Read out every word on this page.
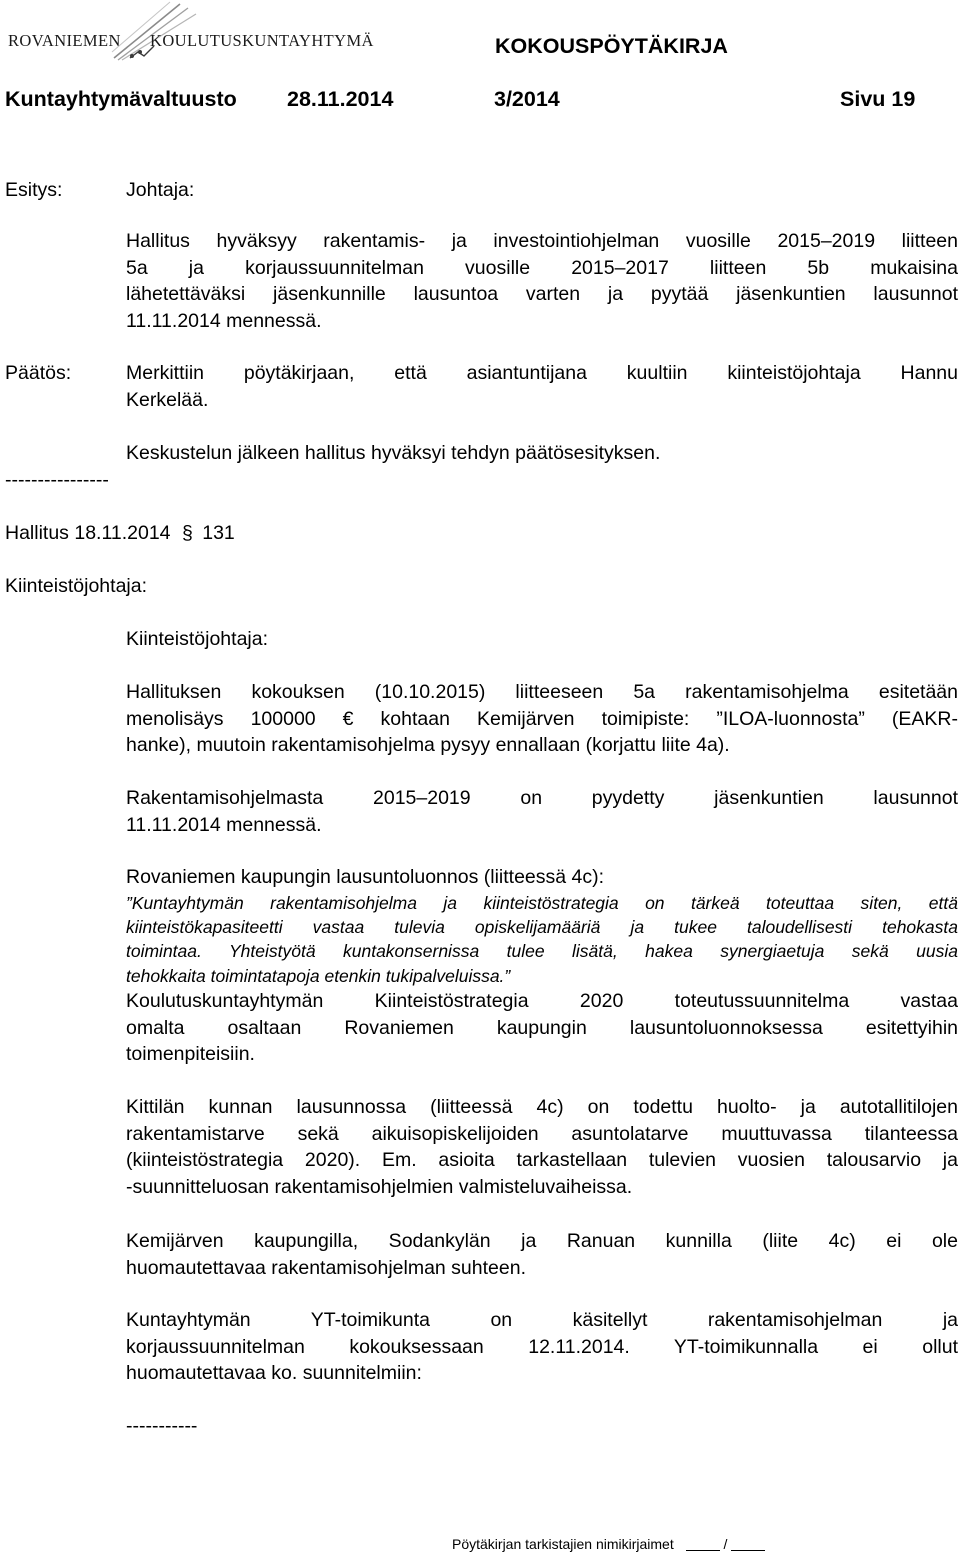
ROVANIEMEN KOULUTUSKUNTAYHTYMÄ	KOKOUSPÖYTÄKIRJA
Kuntayhtymävaltuusto 28.11.2014	3/2014	Sivu 19
Esitys:	Johtaja:
Hallitus hyväksyy rakentamis- ja investointiohjelman vuosille 2015–2019 liitteen
5a ja korjaussuunnitelman vuosille 2015–2017 liitteen 5b mukaisina
lähetettäväksi jäsenkunnille lausuntoa varten ja pyytää jäsenkuntien lausunnot
11.11.2014 mennessä.
Päätös:	Merkittiin pöytäkirjaan, että asiantuntijana kuultiin kiinteistöjohtaja Hannu
Kerkelää.
Keskustelun jälkeen hallitus hyväksyi tehdyn päätösesityksen.
----------------
Hallitus 18.11.2014 § 131
Kiinteistöjohtaja:
Kiinteistöjohtaja:
Hallituksen kokouksen (10.10.2015) liitteeseen 5a rakentamisohjelma esitetään
menolisäys 100000 € kohtaan Kemijärven toimipiste: ”ILOA-luonnosta” (EAKR-
hanke), muutoin rakentamisohjelma pysyy ennallaan (korjattu liite 4a).
Rakentamisohjelmasta 2015–2019 on pyydetty jäsenkuntien lausunnot
11.11.2014 mennessä.
Rovaniemen kaupungin lausuntoluonnos (liitteessä 4c):
”Kuntayhtymän rakentamisohjelma ja kiinteistöstrategia on tärkeä toteuttaa siten, että
kiinteistökapasiteetti vastaa tulevia opiskelijamääriä ja tukee taloudellisesti tehokasta
toimintaa. Yhteistyötä kuntakonsernissa tulee lisätä, hakea synergiaetuja sekä uusia
tehokkaita toimintatapoja etenkin tukipalveluissa.”
Koulutuskuntayhtymän Kiinteistöstrategia 2020 toteutussuunnitelma vastaa
omalta osaltaan Rovaniemen kaupungin lausuntoluonnoksessa esitettyihin
toimenpiteisiin.
Kittilän kunnan lausunnossa (liitteessä 4c) on todettu huolto- ja autotallitilojen
rakentamistarve sekä aikuisopiskelijoiden asuntolatarve muuttuvassa tilanteessa
(kiinteistöstrategia 2020). Em. asioita tarkastellaan tulevien vuosien talousarvio ja
-suunnitteluosan rakentamisohjelmien valmisteluvaiheissa.
Kemijärven kaupungilla, Sodankylän ja Ranuan kunnilla (liite 4c) ei ole
huomautettavaa rakentamisohjelman suhteen.
Kuntayhtymän YT-toimikunta on käsitellyt rakentamisohjelman ja
korjaussuunnitelman kokouksessaan 12.11.2014. YT-toimikunnalla ei ollut
huomautettavaa ko. suunnitelmiin:
-----------
Pöytäkirjan tarkistajien nimikirjaimet	/
